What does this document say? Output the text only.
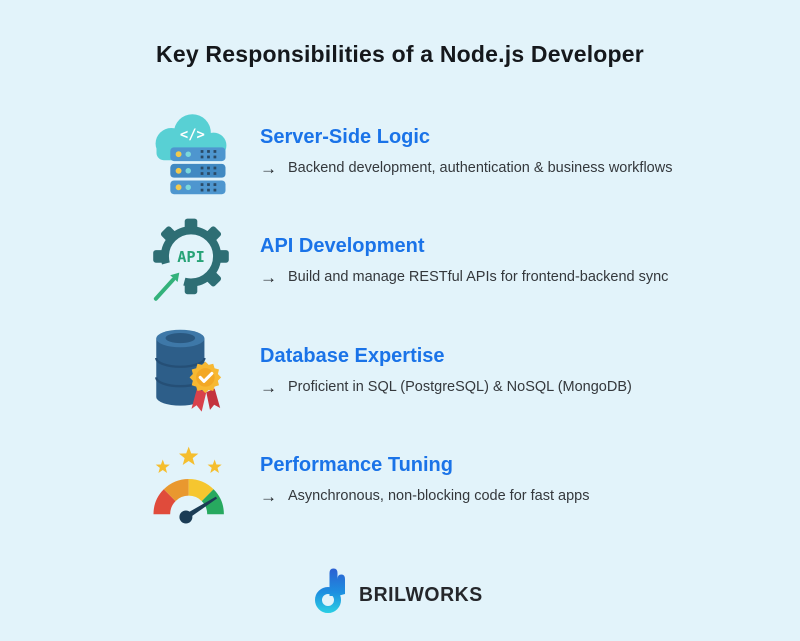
Key Responsibilities of a Node.js Developer
</>	Server-Side Logic
→ Backend development, authentication & business workflows
API
API Development
→ Build and manage RESTful APIs for frontend-backend sync
Database Expertise
→ Proficient in SQL (PostgreSQL) & NoSQL (MongoDB)
Performance Tuning
→ Asynchronous, non-blocking code for fast apps
BRILWORKS
